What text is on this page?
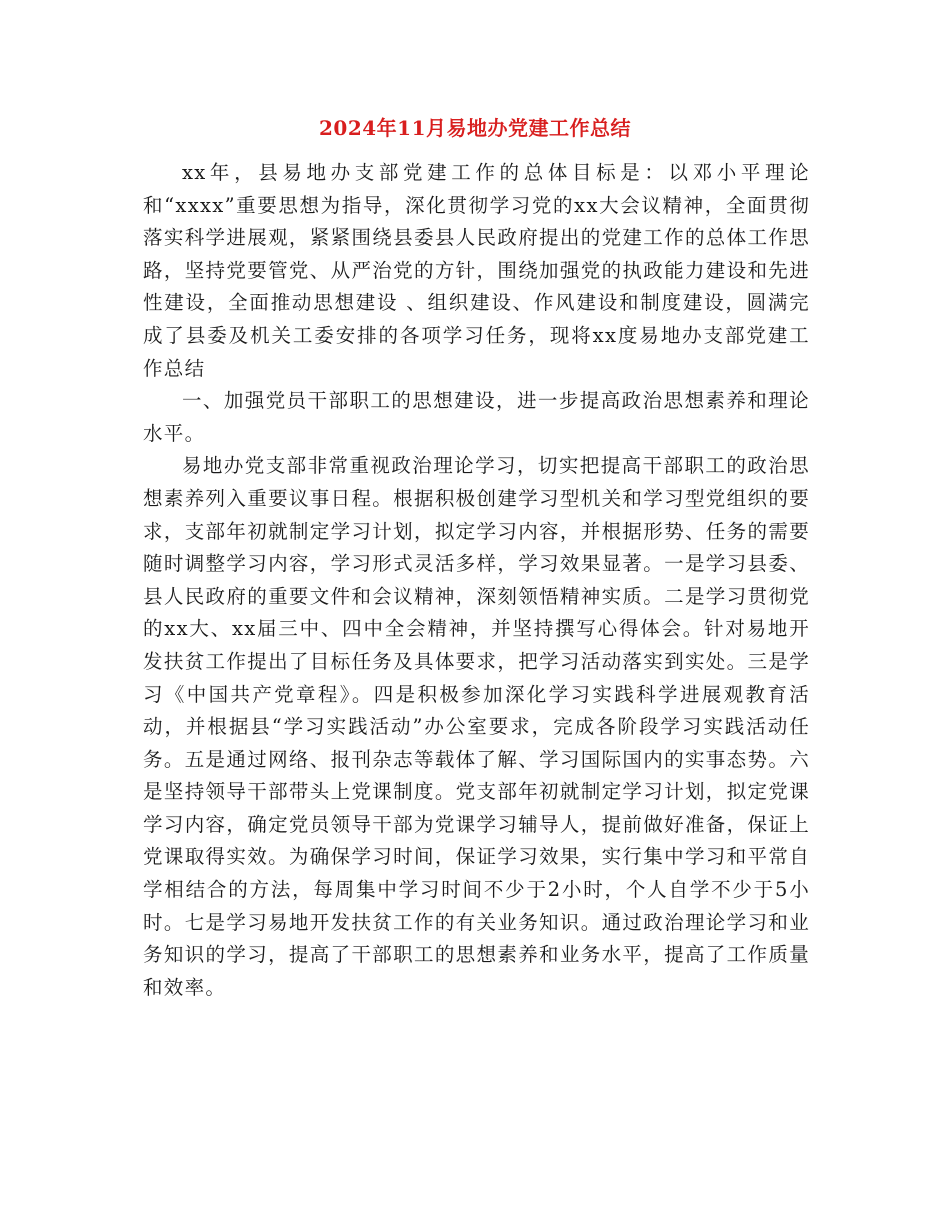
2024年11月易地办党建工作总结

xx年，县易地办支部党建工作的总体目标是：以邓小平理论和“xxxx”重要思想为指导，深化贯彻学习党的xx大会议精神，全面贯彻落实科学进展观，紧紧围绕县委县人民政府提出的党建工作的总体工作思路，坚持党要管党、从严治党的方针，围绕加强党的执政能力建设和先进性建设，全面推动思想建设 、组织建设、作风建设和制度建设，圆满完成了县委及机关工委安排的各项学习任务，现将xx度易地办支部党建工作总结

一、加强党员干部职工的思想建设，进一步提高政治思想素养和理论水平。

易地办党支部非常重视政治理论学习，切实把提高干部职工的政治思想素养列入重要议事日程。根据积极创建学习型机关和学习型党组织的要求，支部年初就制定学习计划，拟定学习内容，并根据形势、任务的需要随时调整学习内容，学习形式灵活多样，学习效果显著。一是学习县委、县人民政府的重要文件和会议精神，深刻领悟精神实质。二是学习贯彻党的xx大、xx届三中、四中全会精神，并坚持撰写心得体会。针对易地开发扶贫工作提出了目标任务及具体要求，把学习活动落实到实处。三是学习《中国共产党章程》。四是积极参加深化学习实践科学进展观教育活动，并根据县“学习实践活动”办公室要求，完成各阶段学习实践活动任务。五是通过网络、报刊杂志等载体了解、学习国际国内的实事态势。六是坚持领导干部带头上党课制度。党支部年初就制定学习计划，拟定党课学习内容，确定党员领导干部为党课学习辅导人，提前做好准备，保证上党课取得实效。为确保学习时间，保证学习效果，实行集中学习和平常自学相结合的方法，每周集中学习时间不少于2小时，个人自学不少于5小时。七是学习易地开发扶贫工作的有关业务知识。通过政治理论学习和业务知识的学习，提高了干部职工的思想素养和业务水平，提高了工作质量和效率。
